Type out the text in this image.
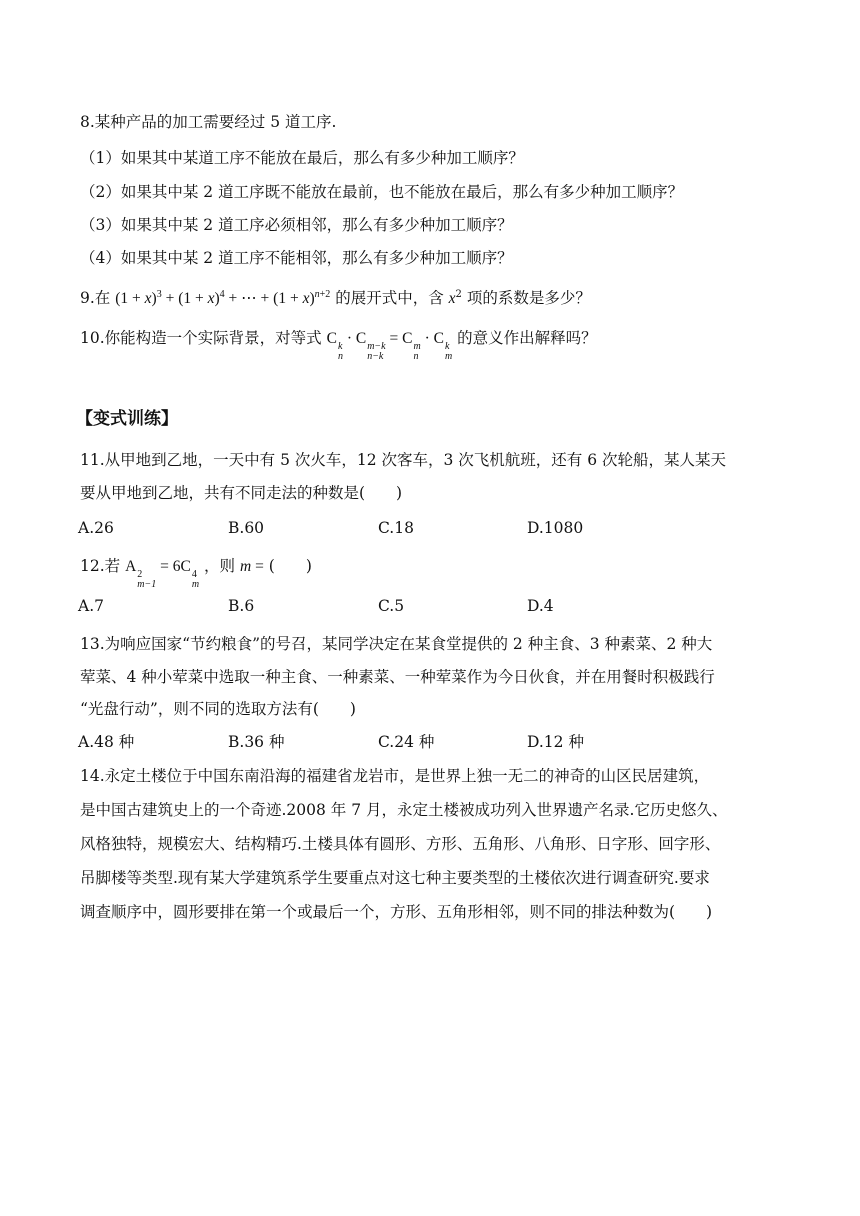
8.某种产品的加工需要经过 5 道工序.
（1）如果其中某道工序不能放在最后，那么有多少种加工顺序？
（2）如果其中某 2 道工序既不能放在最前，也不能放在最后，那么有多少种加工顺序？
（3）如果其中某 2 道工序必须相邻，那么有多少种加工顺序？
（4）如果其中某 2 道工序不能相邻，那么有多少种加工顺序？
9.在 $(1 + x)^3 + (1 + x)^4$ + ⋯ + $(1 + x)^{n+2}$ 的展开式中，含 $x^2$ 项的系数是多少？
10.你能构造一个实际背景，对等式 C k
n
· C m−k
n−k
= C m
n
· C k
m
的意义作出解释吗？
【变式训练】
11.从甲地到乙地，一天中有 5 次火车，12 次客车，3 次飞机航班，还有 6 次轮船，某人某天
要从甲地到乙地，共有不同走法的种数是(　　)
A.26	B.60	C.18	D.1080
12.若 A 2
m−1
= 6C 4
m
，则 m = (　　)
A.7	B.6	C.5	D.4
13.为响应国家“节约粮食”的号召，某同学决定在某食堂提供的 2 种主食、3 种素菜、2 种大
荤菜、4 种小荤菜中选取一种主食、一种素菜、一种荤菜作为今日伙食，并在用餐时积极践行
“光盘行动”，则不同的选取方法有(　　)
A.48 种	B.36 种	C.24 种	D.12 种
14.永定土楼位于中国东南沿海的福建省龙岩市，是世界上独一无二的神奇的山区民居建筑，
是中国古建筑史上的一个奇迹.2008 年 7 月，永定土楼被成功列入世界遗产名录.它历史悠久、
风格独特，规模宏大、结构精巧.土楼具体有圆形、方形、五角形、八角形、日字形、回字形、
吊脚楼等类型.现有某大学建筑系学生要重点对这七种主要类型的土楼依次进行调查研究.要求
调查顺序中，圆形要排在第一个或最后一个，方形、五角形相邻，则不同的排法种数为(　　)
